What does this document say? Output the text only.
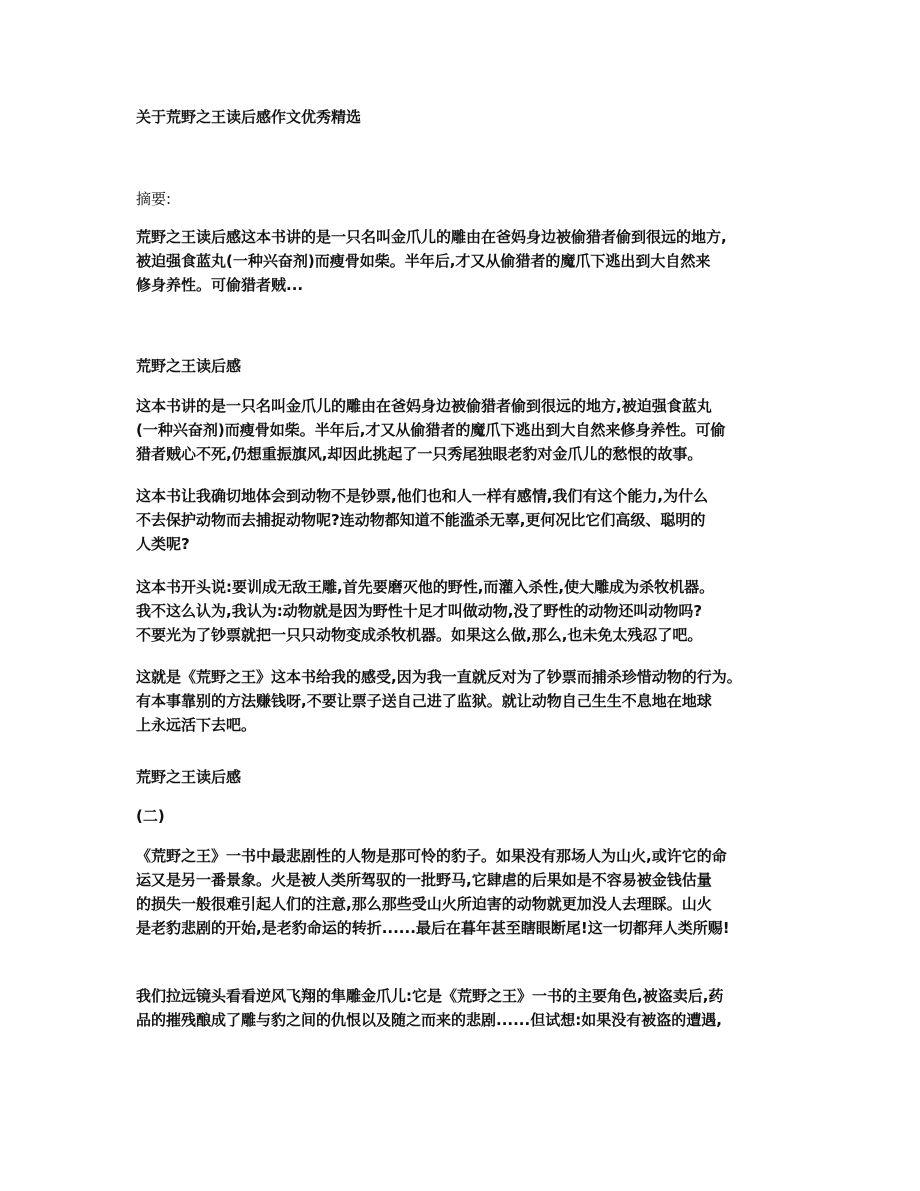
关于荒野之王读后感作文优秀精选
摘要:
荒野之王读后感这本书讲的是一只名叫金爪儿的雕由在爸妈身边被偷猎者偷到很远的地方,
被迫强食蓝丸(一种兴奋剂)而瘦骨如柴。半年后,才又从偷猎者的魔爪下逃出到大自然来
修身养性。可偷猎者贼...
荒野之王读后感
这本书讲的是一只名叫金爪儿的雕由在爸妈身边被偷猎者偷到很远的地方,被迫强食蓝丸
(一种兴奋剂)而瘦骨如柴。半年后,才又从偷猎者的魔爪下逃出到大自然来修身养性。可偷
猎者贼心不死,仍想重振旗风,却因此挑起了一只秀尾独眼老豹对金爪儿的愁恨的故事。
这本书让我确切地体会到动物不是钞票,他们也和人一样有感情,我们有这个能力,为什么
不去保护动物而去捕捉动物呢?连动物都知道不能滥杀无辜,更何况比它们高级、聪明的
人类呢?
这本书开头说:要训成无敌王雕,首先要磨灭他的野性,而灌入杀性,使大雕成为杀牧机器。
我不这么认为,我认为:动物就是因为野性十足才叫做动物,没了野性的动物还叫动物吗?
不要光为了钞票就把一只只动物变成杀牧机器。如果这么做,那么,也未免太残忍了吧。
这就是《荒野之王》这本书给我的感受,因为我一直就反对为了钞票而捕杀珍惜动物的行为。
有本事靠别的方法赚钱呀,不要让票子送自己进了监狱。就让动物自己生生不息地在地球
上永远活下去吧。
荒野之王读后感
(二)
《荒野之王》一书中最悲剧性的人物是那可怜的豹子。如果没有那场人为山火,或许它的命
运又是另一番景象。火是被人类所驾驭的一批野马,它肆虐的后果如是不容易被金钱估量
的损失一般很难引起人们的注意,那么那些受山火所迫害的动物就更加没人去理睬。山火
是老豹悲剧的开始,是老豹命运的转折......最后在暮年甚至瞎眼断尾!这一切都拜人类所赐!
我们拉远镜头看看逆风飞翔的隼雕金爪儿:它是《荒野之王》一书的主要角色,被盗卖后,药
品的摧残酿成了雕与豹之间的仇恨以及随之而来的悲剧......但试想:如果没有被盗的遭遇,
